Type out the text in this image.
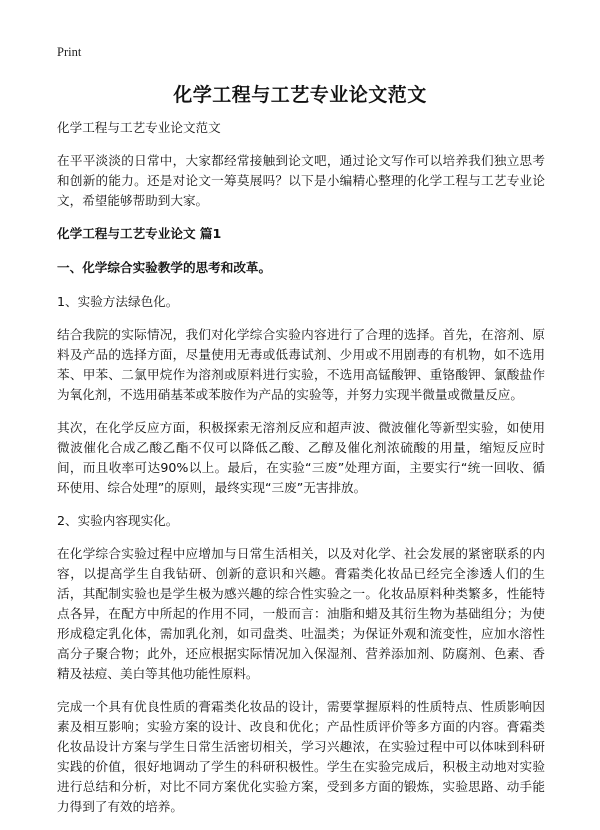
Print
化学工程与工艺专业论文范文

化学工程与工艺专业论文范文

在平平淡淡的日常中，大家都经常接触到论文吧，通过论文写作可以培养我们独立思考和创新的能力。还是对论文一筹莫展吗？以下是小编精心整理的化学工程与工艺专业论文，希望能够帮助到大家。

化学工程与工艺专业论文 篇1
一、化学综合实验教学的思考和改革。

1、实验方法绿色化。

结合我院的实际情况，我们对化学综合实验内容进行了合理的选择。首先，在溶剂、原料及产品的选择方面，尽量使用无毒或低毒试剂、少用或不用剧毒的有机物，如不选用苯、甲苯、二氯甲烷作为溶剂或原料进行实验，不选用高锰酸钾、重铬酸钾、氯酸盐作为氧化剂，不选用硝基苯或苯胺作为产品的实验等，并努力实现半微量或微量反应。

其次，在化学反应方面，积极探索无溶剂反应和超声波、微波催化等新型实验，如使用微波催化合成乙酸乙酯不仅可以降低乙酸、乙醇及催化剂浓硫酸的用量，缩短反应时间，而且收率可达90%以上。最后，在实验“三废”处理方面，主要实行“统一回收、循环使用、综合处理”的原则，最终实现“三废”无害排放。

2、实验内容现实化。

在化学综合实验过程中应增加与日常生活相关，以及对化学、社会发展的紧密联系的内容，以提高学生自我钻研、创新的意识和兴趣。膏霜类化妆品已经完全渗透人们的生活，其配制实验也是学生极为感兴趣的综合性实验之一。化妆品原料种类繁多，性能特点各异，在配方中所起的作用不同，一般而言：油脂和蜡及其衍生物为基础组分；为使形成稳定乳化体，需加乳化剂，如司盘类、吐温类；为保证外观和流变性，应加水溶性高分子聚合物；此外，还应根据实际情况加入保湿剂、营养添加剂、防腐剂、色素、香精及祛痘、美白等其他功能性原料。

完成一个具有优良性质的膏霜类化妆品的设计，需要掌握原料的性质特点、性质影响因素及相互影响；实验方案的设计、改良和优化；产品性质评价等多方面的内容。膏霜类化妆品设计方案与学生日常生活密切相关，学习兴趣浓，在实验过程中可以体味到科研实践的价值，很好地调动了学生的科研积极性。学生在实验完成后，积极主动地对实验进行总结和分析，对比不同方案优化实验方案，受到多方面的锻炼，实验思路、动手能力得到了有效的培养。
